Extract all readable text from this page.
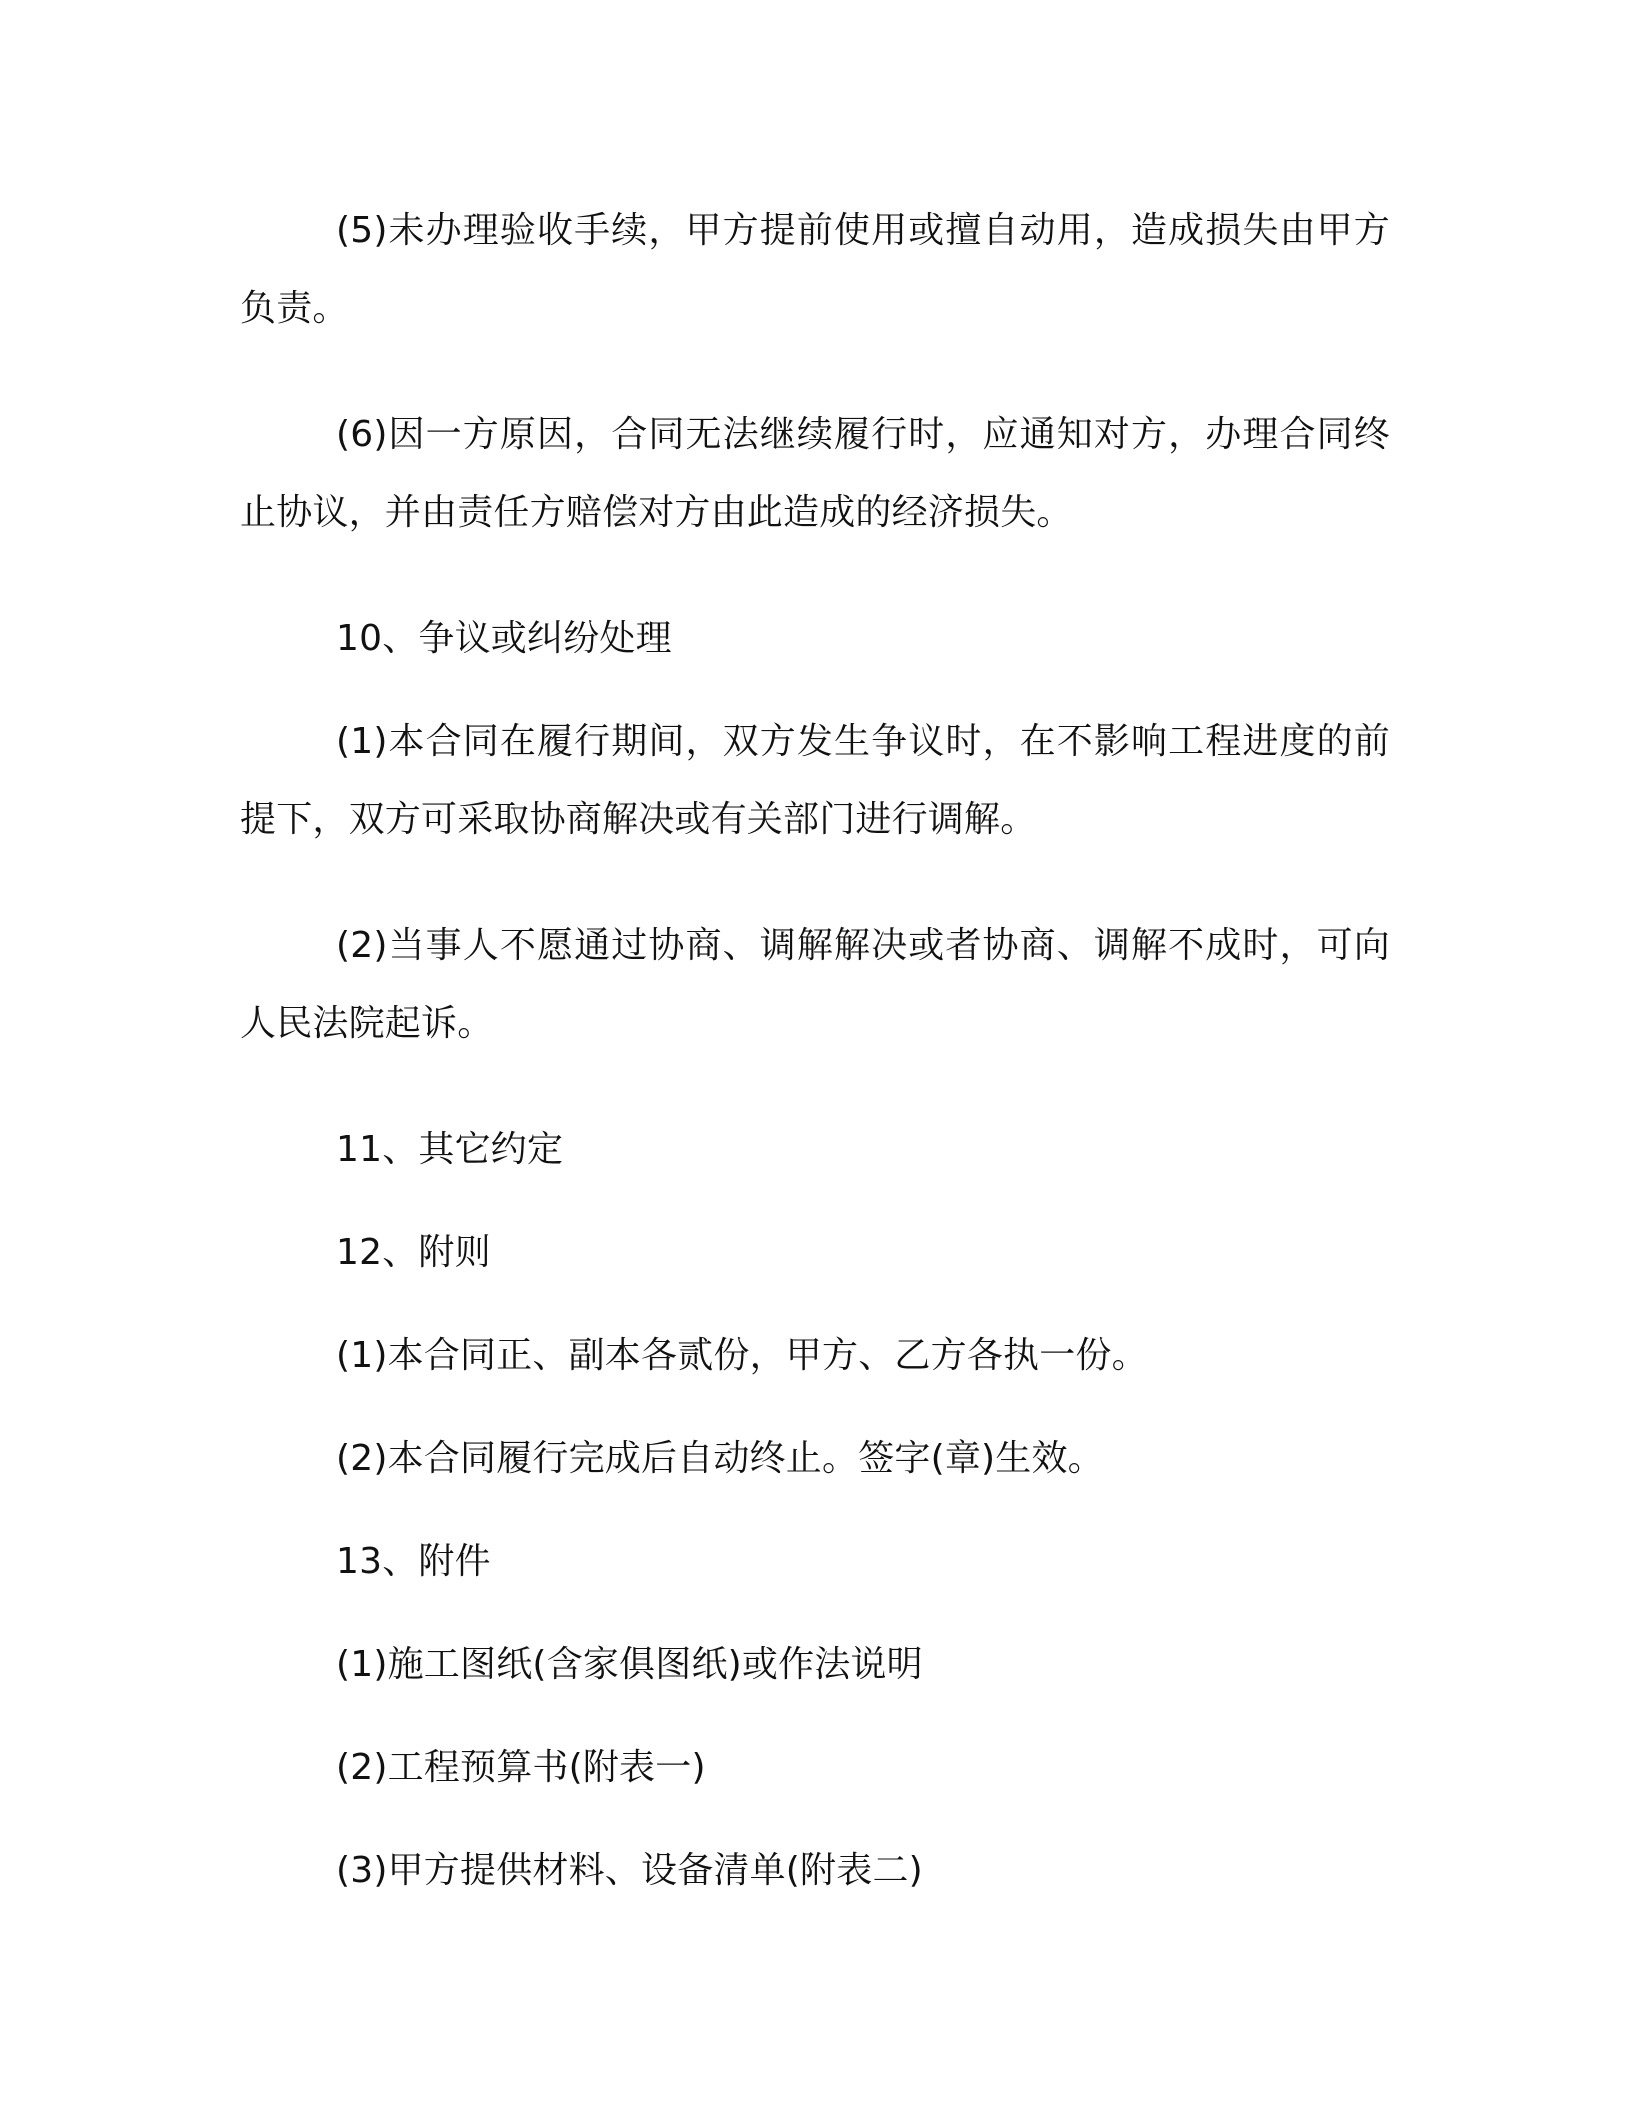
(5)未办理验收手续，甲方提前使用或擅自动用，造成损失由甲方负责。

(6)因一方原因，合同无法继续履行时，应通知对方，办理合同终止协议，并由责任方赔偿对方由此造成的经济损失。

10、争议或纠纷处理

(1)本合同在履行期间，双方发生争议时，在不影响工程进度的前提下，双方可采取协商解决或有关部门进行调解。

(2)当事人不愿通过协商、调解解决或者协商、调解不成时，可向人民法院起诉。

11、其它约定

12、附则

(1)本合同正、副本各贰份，甲方、乙方各执一份。

(2)本合同履行完成后自动终止。签字(章)生效。

13、附件

(1)施工图纸(含家俱图纸)或作法说明

(2)工程预算书(附表一)

(3)甲方提供材料、设备清单(附表二)
